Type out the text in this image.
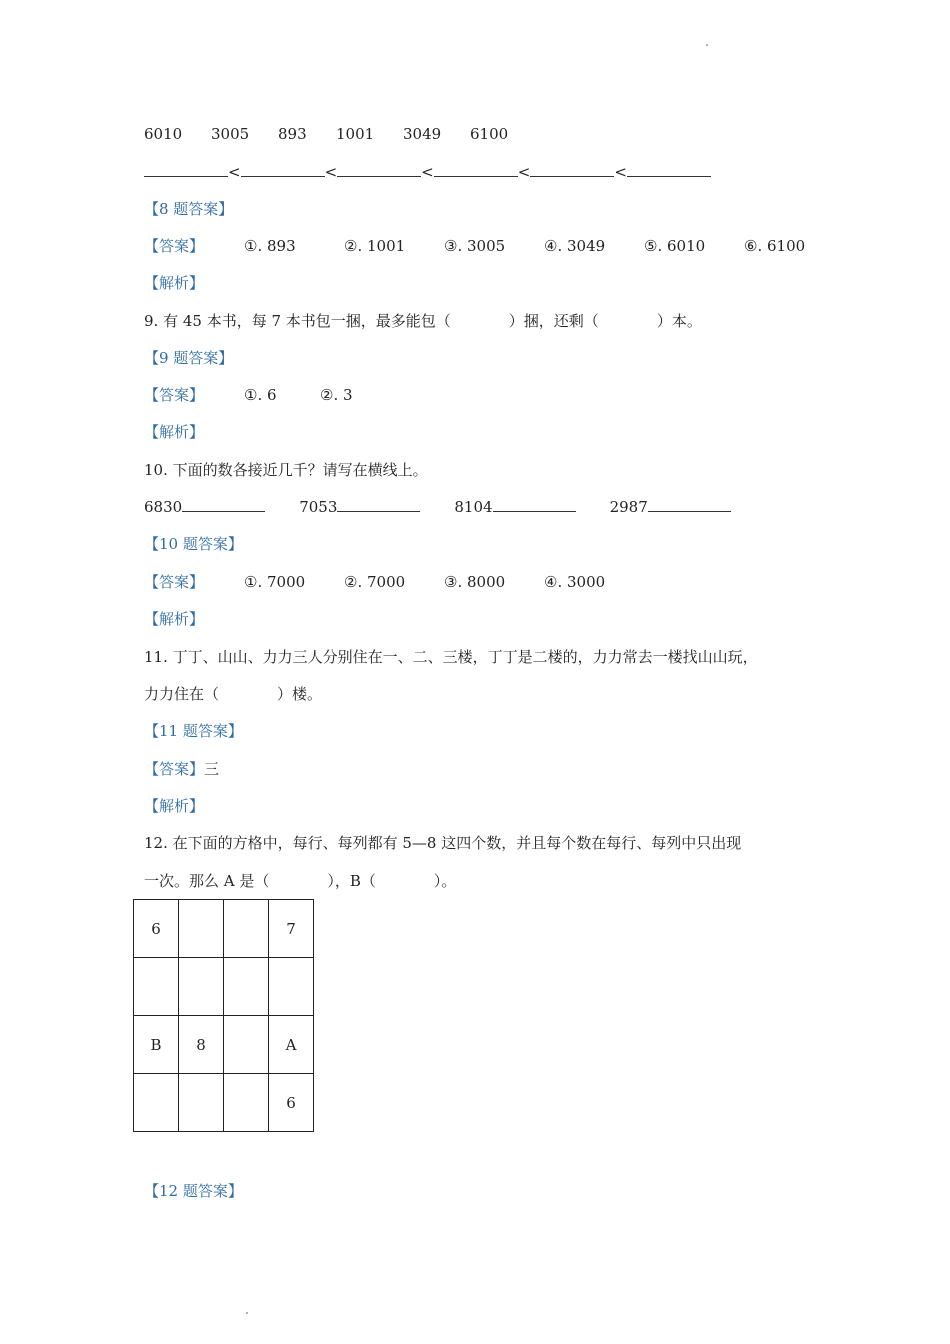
6010 3005 893 1001 3049 6100
<	<	<	<	<
【8 题答案】
【答案】	①. 893	②. 1001	③. 3005	④. 3049	⑤. 6010	⑥. 6100
【解析】
9. 有 45 本书，每 7 本书包一捆，最多能包（	）捆，还剩（	）本。
【9 题答案】
【答案】	①. 6	②. 3
【解析】
10. 下面的数各接近几千？请写在横线上。
6830	7053	8104	2987
【10 题答案】
【答案】	①. 7000	②. 7000	③. 8000	④. 3000
【解析】
11. 丁丁、山山、力力三人分别住在一、二、三楼，丁丁是二楼的，力力常去一楼找山山玩，
力力住在（	）楼。
【11 题答案】
【答案】三
【解析】
12. 在下面的方格中，每行、每列都有 5—8 这四个数，并且每个数在每行、每列中只出现
一次。那么 A 是（	），B（	）。
6			7

B	8		A
			6
【12 题答案】
